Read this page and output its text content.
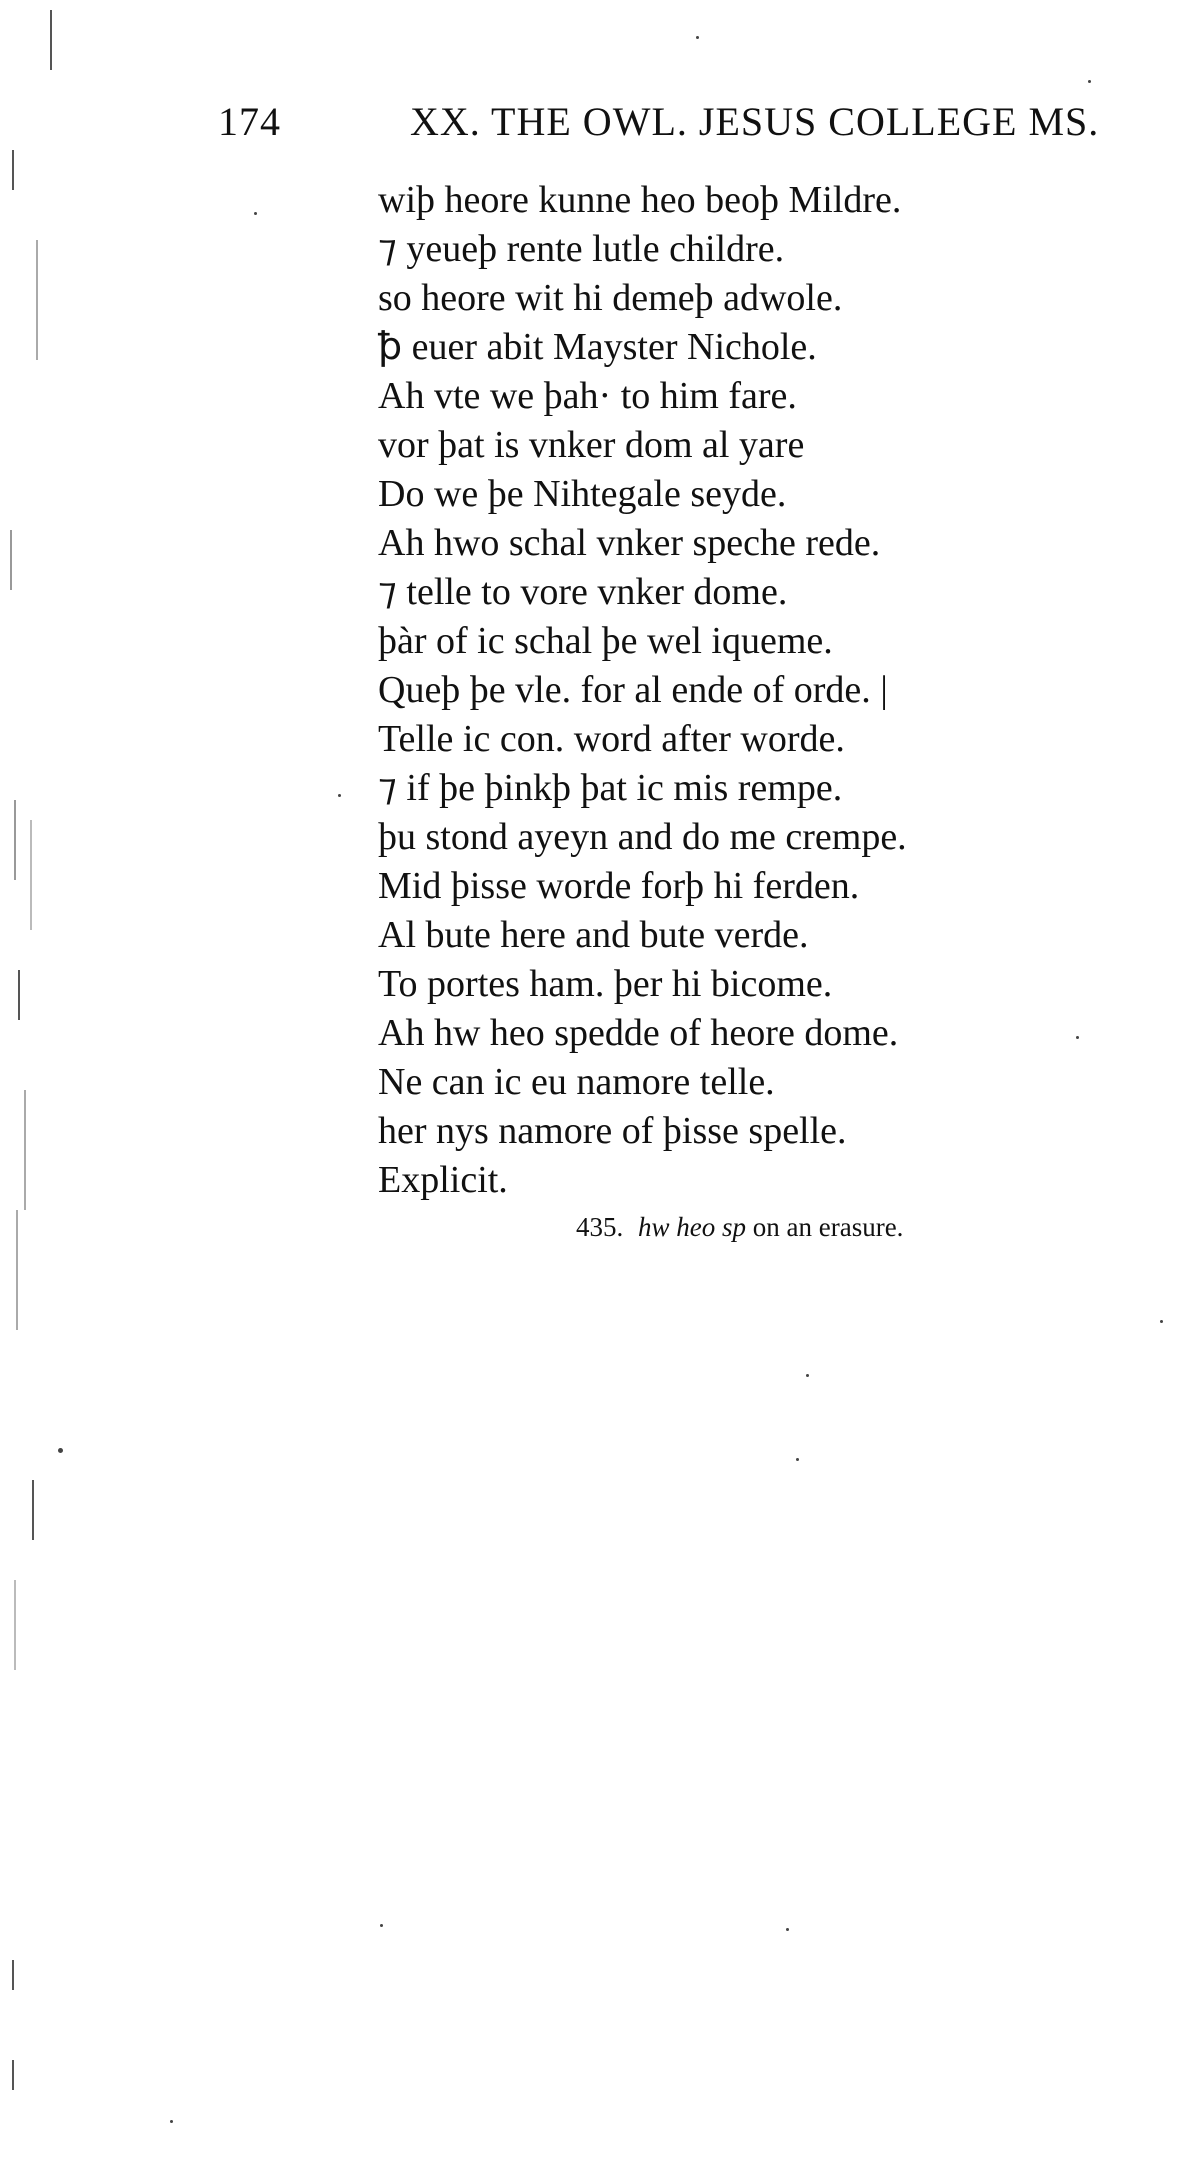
174	XX. THE OWL. JESUS COLLEGE MS.
wiþ heore kunne heo beoþ Mildre.
⁊ yeueþ rente lutle childre.
so heore wit hi demeþ adwole.
ꝥ euer abit Mayster Nichole.
Ah vte we þah· to him fare.
vor þat is vnker dom al yare
Do we þe Nihtegale seyde.
Ah hwo schal vnker speche rede.
⁊ telle to vore vnker dome.
þàr of ic schal þe wel iqueme.
Queþ þe vle. for al ende of orde. |
Telle ic con. word after worde.
⁊ if þe þinkþ þat ic mis rempe.
þu stond ayeyn and do me crempe.
Mid þisse worde forþ hi ferden.
Al bute here and bute verde.
To portes ham. þer hi bicome.
Ah hw heo spedde of heore dome.
Ne can ic eu namore telle.
her nys namore of þisse spelle.
Explicit.
435. hw heo sp on an erasure.
